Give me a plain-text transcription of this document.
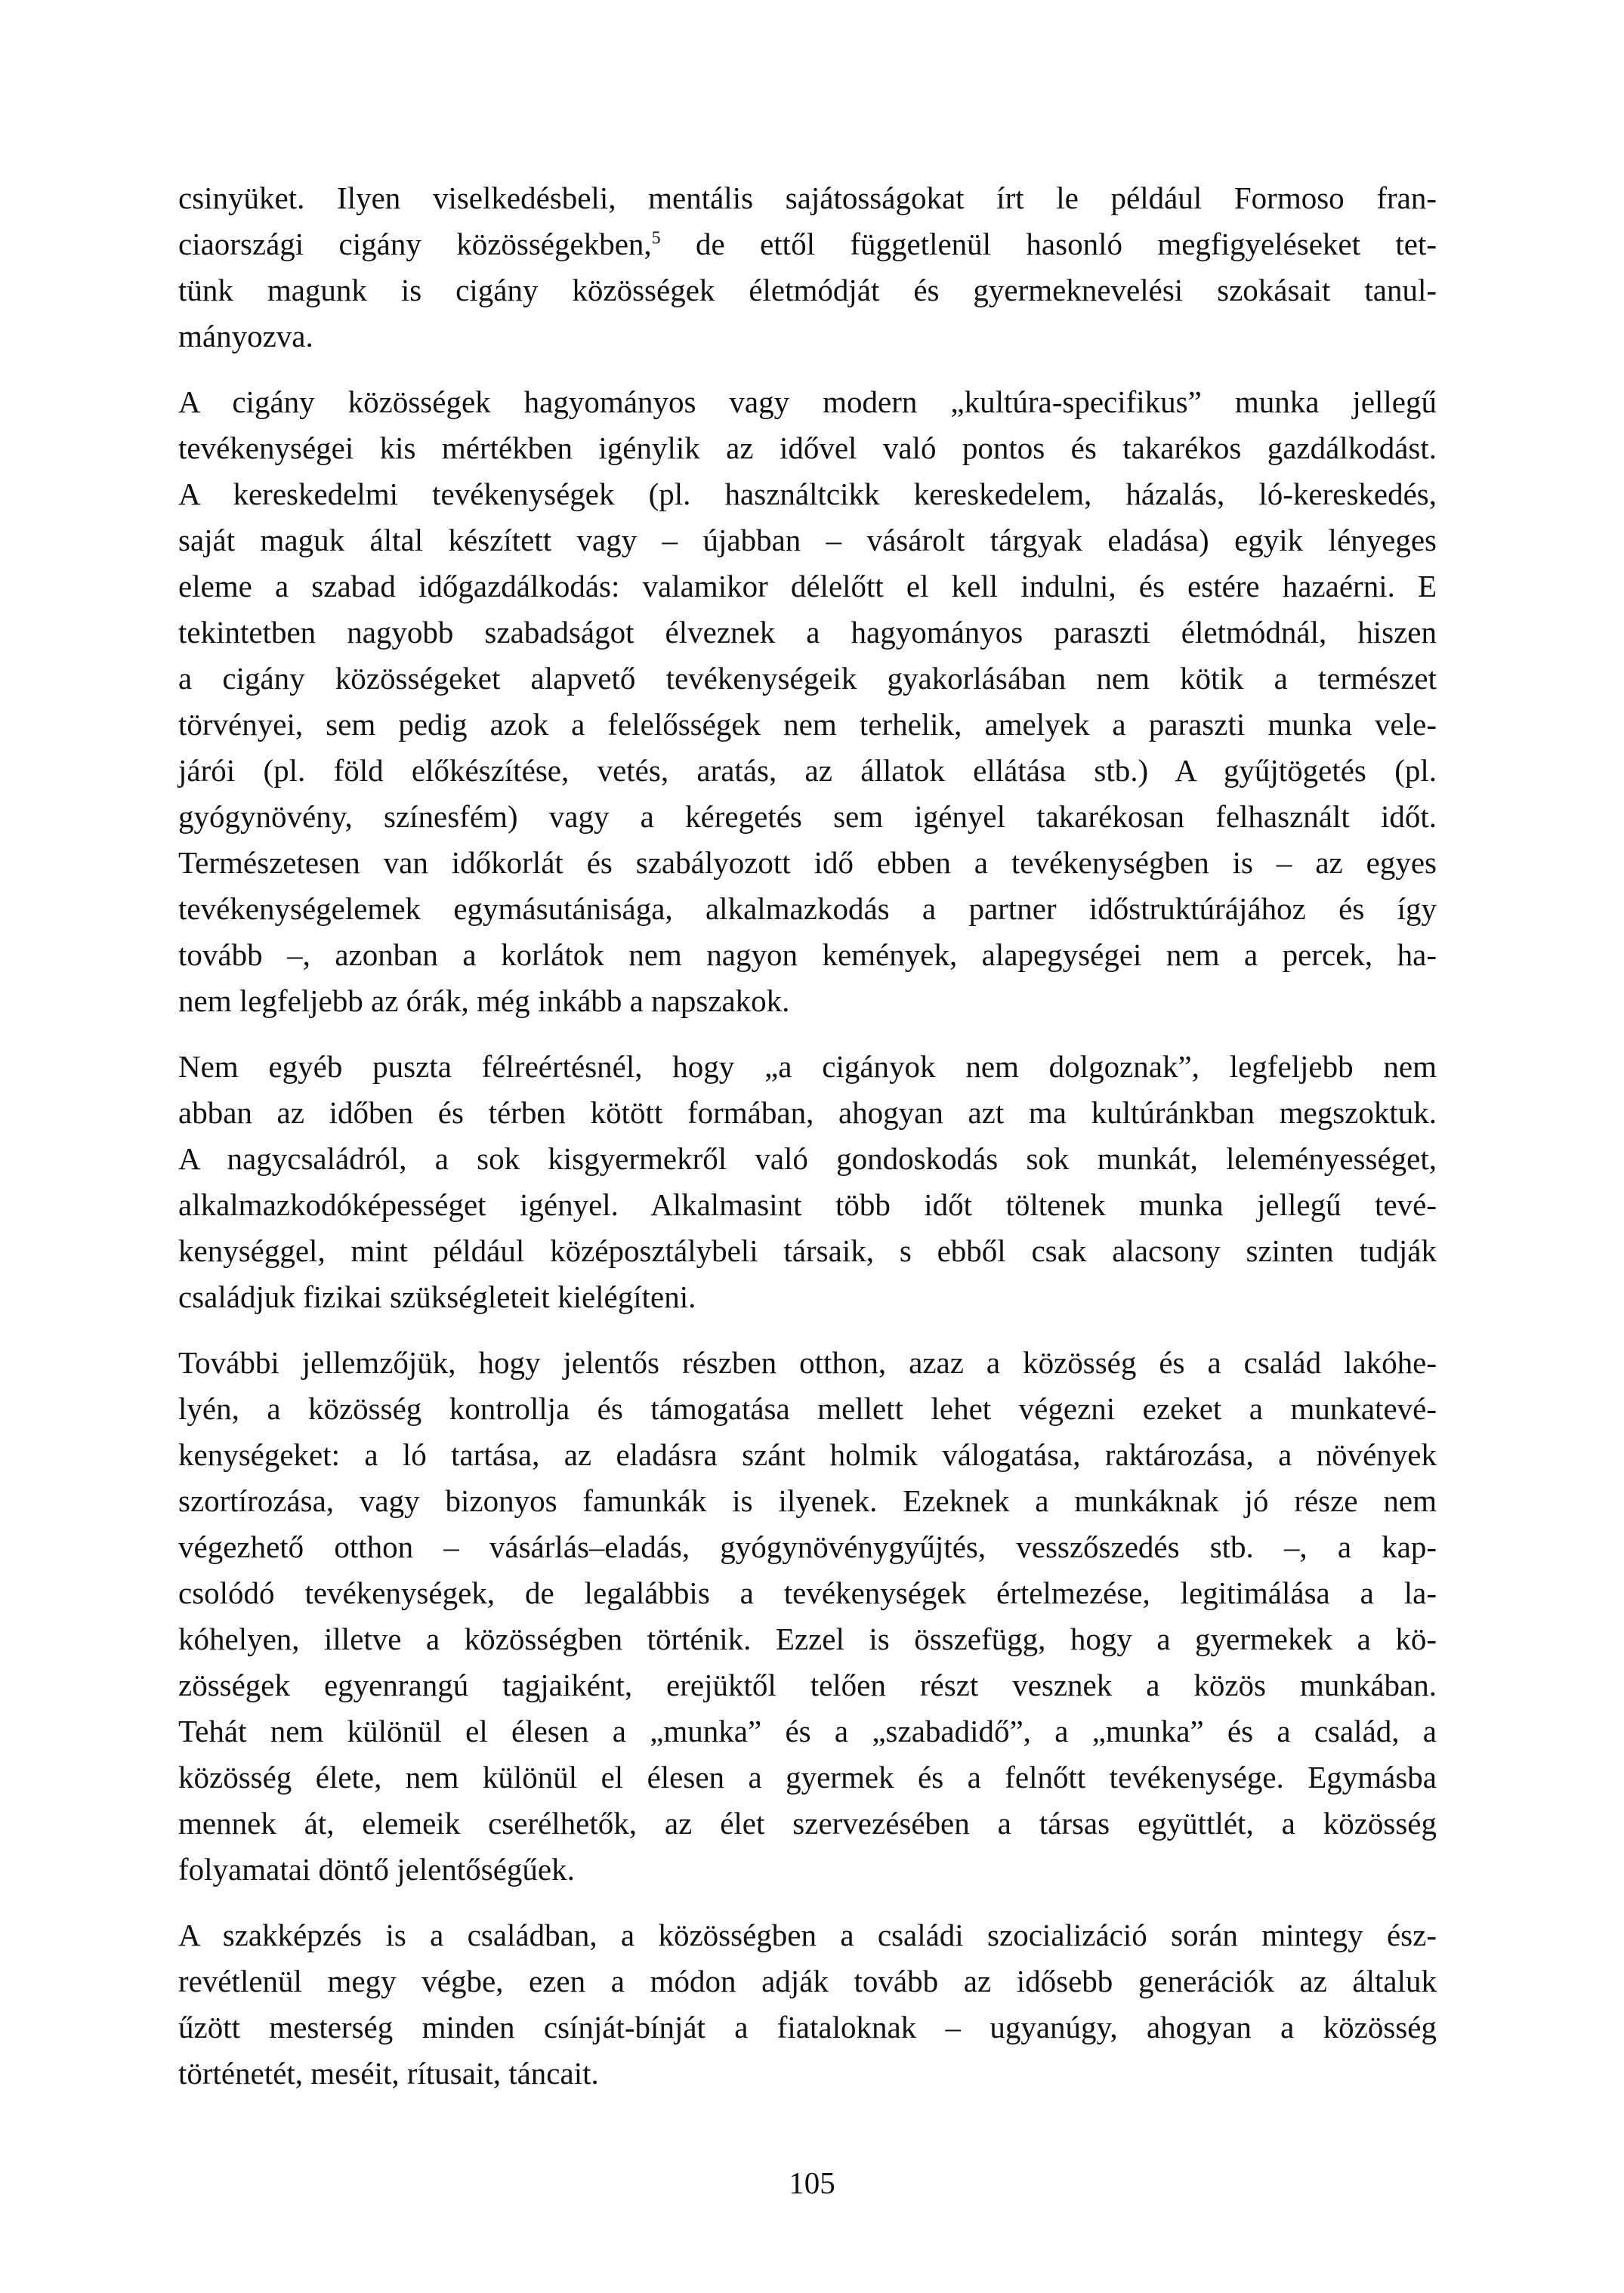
csinyüket. Ilyen viselkedésbeli, mentális sajátosságokat írt le például Formoso fran-
ciaországi cigány közösségekben,$^5$ de ettől függetlenül hasonló megfigyeléseket tet-
tünk magunk is cigány közösségek életmódját és gyermeknevelési szokásait tanul-
mányozva.
A cigány közösségek hagyományos vagy modern „kultúra-specifikus” munka jellegű
tevékenységei kis mértékben igénylik az idővel való pontos és takarékos gazdálkodást.
A kereskedelmi tevékenységek (pl. használtcikk kereskedelem, házalás, ló-kereskedés,
saját maguk által készített vagy – újabban – vásárolt tárgyak eladása) egyik lényeges
eleme a szabad időgazdálkodás: valamikor délelőtt el kell indulni, és estére hazaérni. E
tekintetben nagyobb szabadságot élveznek a hagyományos paraszti életmódnál, hiszen
a cigány közösségeket alapvető tevékenységeik gyakorlásában nem kötik a természet
törvényei, sem pedig azok a felelősségek nem terhelik, amelyek a paraszti munka vele-
járói (pl. föld előkészítése, vetés, aratás, az állatok ellátása stb.) A gyűjtögetés (pl.
gyógynövény, színesfém) vagy a kéregetés sem igényel takarékosan felhasznált időt.
Természetesen van időkorlát és szabályozott idő ebben a tevékenységben is – az egyes
tevékenységelemek egymásutánisága, alkalmazkodás a partner időstruktúrájához és így
tovább –, azonban a korlátok nem nagyon kemények, alapegységei nem a percek, ha-
nem legfeljebb az órák, még inkább a napszakok.
Nem egyéb puszta félreértésnél, hogy „a cigányok nem dolgoznak”, legfeljebb nem
abban az időben és térben kötött formában, ahogyan azt ma kultúránkban megszoktuk.
A nagycsaládról, a sok kisgyermekről való gondoskodás sok munkát, leleményességet,
alkalmazkodóképességet igényel. Alkalmasint több időt töltenek munka jellegű tevé-
kenységgel, mint például középosztálybeli társaik, s ebből csak alacsony szinten tudják
családjuk fizikai szükségleteit kielégíteni.
További jellemzőjük, hogy jelentős részben otthon, azaz a közösség és a család lakóhe-
lyén, a közösség kontrollja és támogatása mellett lehet végezni ezeket a munkatevé-
kenységeket: a ló tartása, az eladásra szánt holmik válogatása, raktározása, a növények
szortírozása, vagy bizonyos famunkák is ilyenek. Ezeknek a munkáknak jó része nem
végezhető otthon – vásárlás–eladás, gyógynövénygyűjtés, vesszőszedés stb. –, a kap-
csolódó tevékenységek, de legalábbis a tevékenységek értelmezése, legitimálása a la-
kóhelyen, illetve a közösségben történik. Ezzel is összefügg, hogy a gyermekek a kö-
zösségek egyenrangú tagjaiként, erejüktől telően részt vesznek a közös munkában.
Tehát nem különül el élesen a „munka” és a „szabadidő”, a „munka” és a család, a
közösség élete, nem különül el élesen a gyermek és a felnőtt tevékenysége. Egymásba
mennek át, elemeik cserélhetők, az élet szervezésében a társas együttlét, a közösség
folyamatai döntő jelentőségűek.
A szakképzés is a családban, a közösségben a családi szocializáció során mintegy ész-
revétlenül megy végbe, ezen a módon adják tovább az idősebb generációk az általuk
űzött mesterség minden csínját-bínját a fiataloknak – ugyanúgy, ahogyan a közösség
történetét, meséit, rítusait, táncait.
105
